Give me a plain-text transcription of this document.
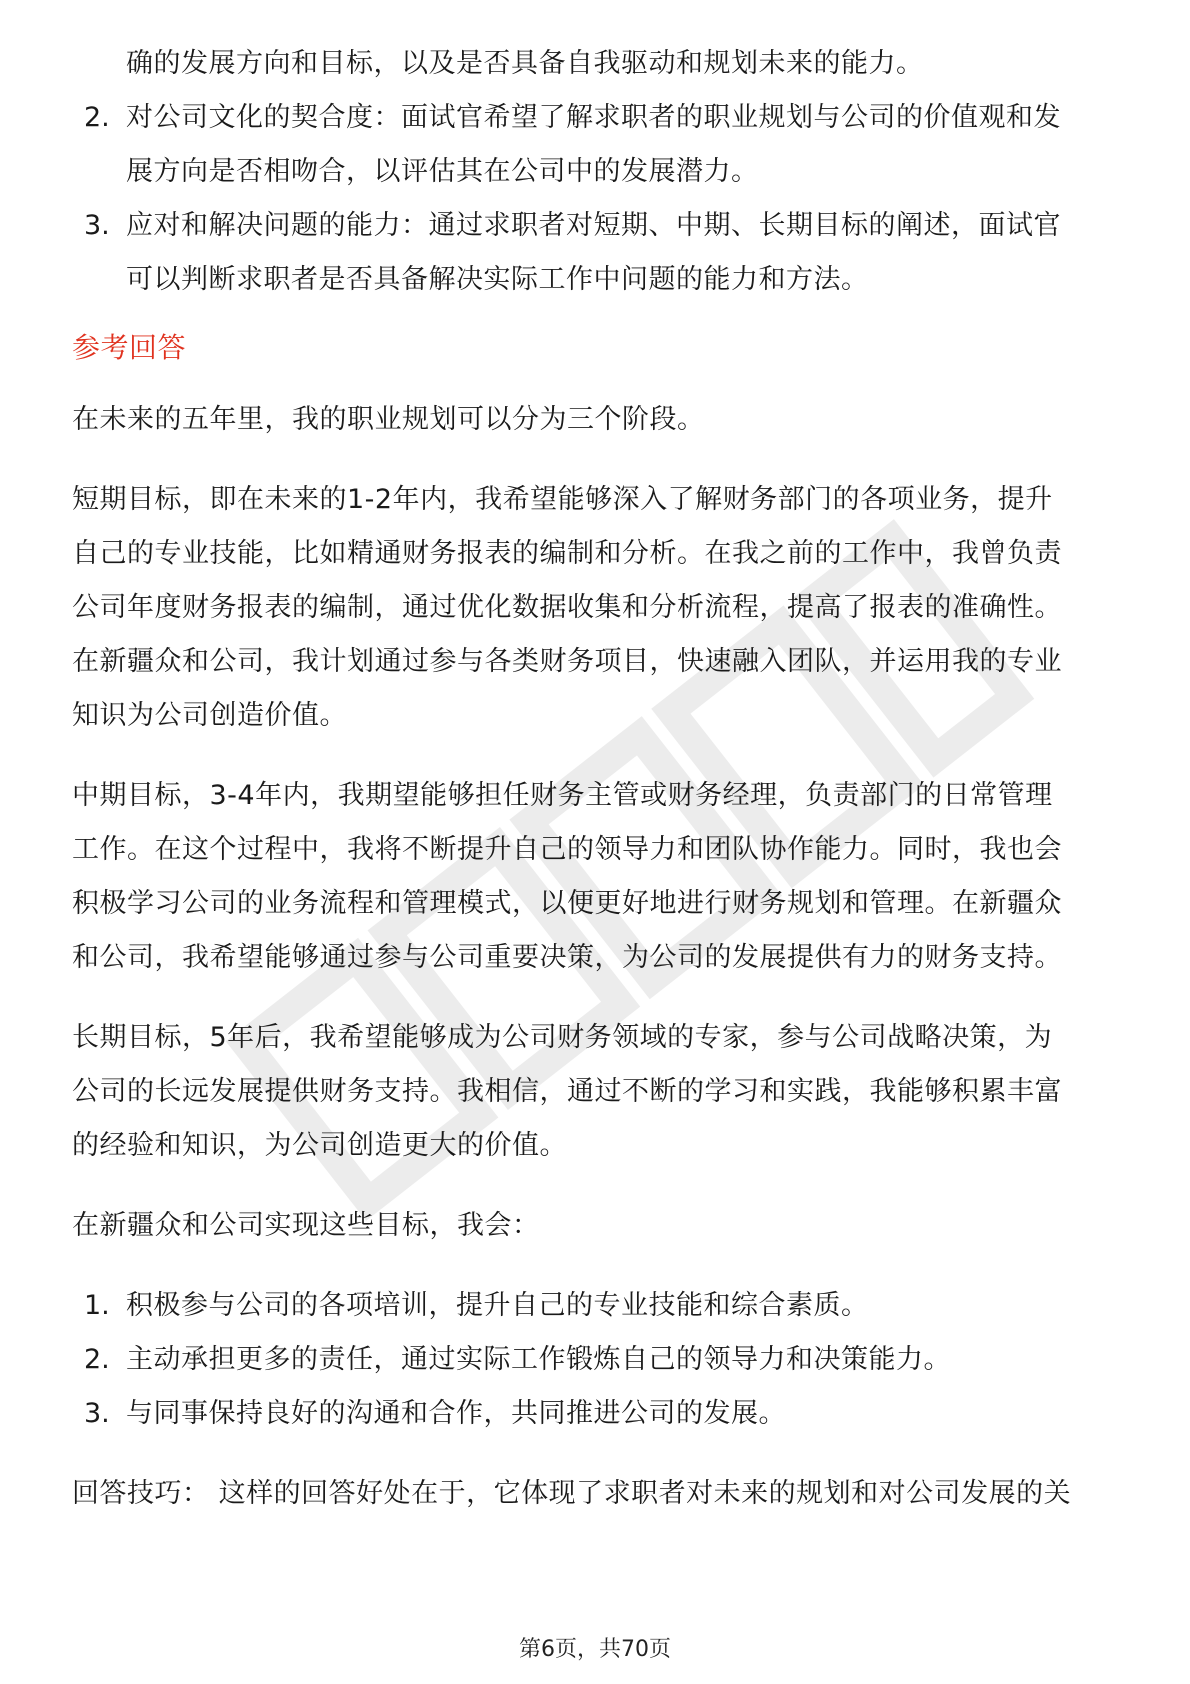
确的发展方向和目标，以及是否具备自我驱动和规划未来的能力。
2. 对公司文化的契合度：面试官希望了解求职者的职业规划与公司的价值观和发
展方向是否相吻合，以评估其在公司中的发展潜力。
3. 应对和解决问题的能力：通过求职者对短期、中期、长期目标的阐述，面试官
可以判断求职者是否具备解决实际工作中问题的能力和方法。
参考回答
在未来的五年里，我的职业规划可以分为三个阶段。
短期目标，即在未来的1-2年内，我希望能够深入了解财务部门的各项业务，提升
自己的专业技能，比如精通财务报表的编制和分析。在我之前的工作中，我曾负责
公司年度财务报表的编制，通过优化数据收集和分析流程，提高了报表的准确性。
在新疆众和公司，我计划通过参与各类财务项目，快速融入团队，并运用我的专业
知识为公司创造价值。
中期目标，3-4年内，我期望能够担任财务主管或财务经理，负责部门的日常管理
工作。在这个过程中，我将不断提升自己的领导力和团队协作能力。同时，我也会
积极学习公司的业务流程和管理模式，以便更好地进行财务规划和管理。在新疆众
和公司，我希望能够通过参与公司重要决策，为公司的发展提供有力的财务支持。
长期目标，5年后，我希望能够成为公司财务领域的专家，参与公司战略决策，为
公司的长远发展提供财务支持。我相信，通过不断的学习和实践，我能够积累丰富
的经验和知识，为公司创造更大的价值。
在新疆众和公司实现这些目标，我会：
1. 积极参与公司的各项培训，提升自己的专业技能和综合素质。
2. 主动承担更多的责任，通过实际工作锻炼自己的领导力和决策能力。
3. 与同事保持良好的沟通和合作，共同推进公司的发展。
回答技巧： 这样的回答好处在于，它体现了求职者对未来的规划和对公司发展的关
第6页，共70页
